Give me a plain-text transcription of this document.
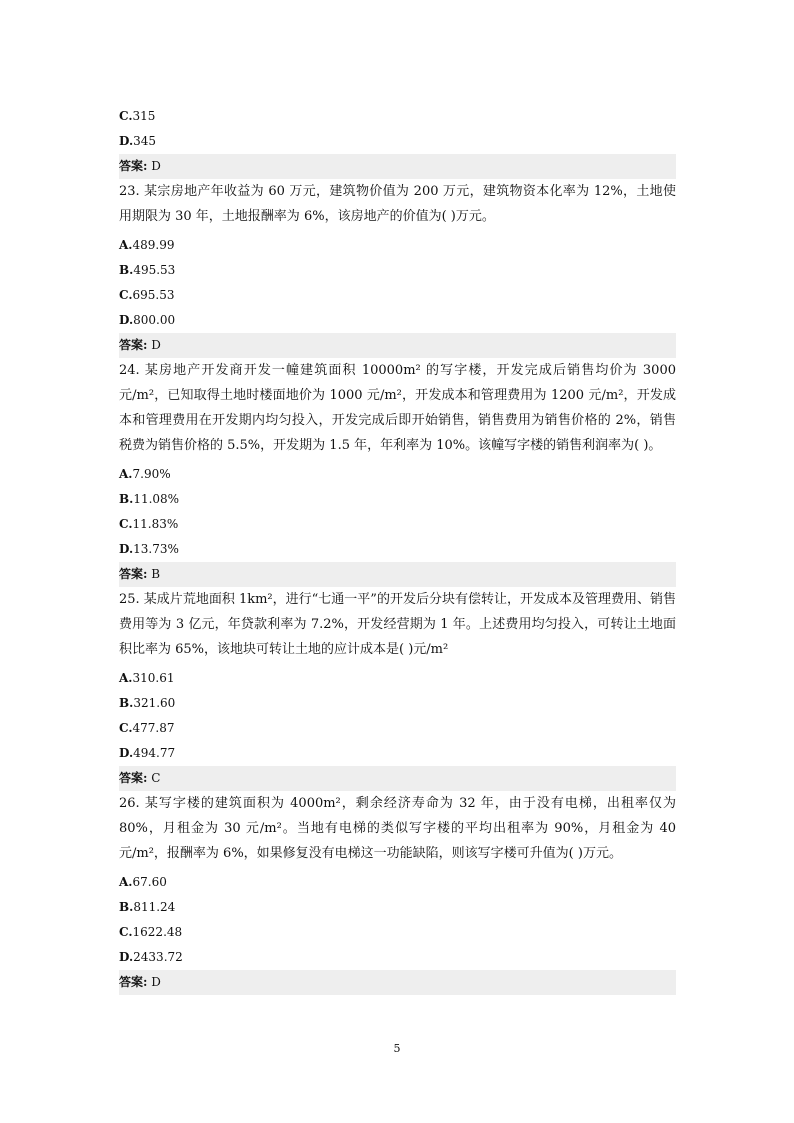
C.315
D.345
答案: D
23. 某宗房地产年收益为 60 万元，建筑物价值为 200 万元，建筑物资本化率为 12%，土地使用期限为 30 年，土地报酬率为 6%，该房地产的价值为( )万元。
A.489.99
B.495.53
C.695.53
D.800.00
答案: D
24. 某房地产开发商开发一幢建筑面积 10000m² 的写字楼，开发完成后销售均价为 3000 元/m²，已知取得土地时楼面地价为 1000 元/m²，开发成本和管理费用为 1200 元/m²，开发成本和管理费用在开发期内均匀投入，开发完成后即开始销售，销售费用为销售价格的 2%，销售税费为销售价格的 5.5%，开发期为 1.5 年，年利率为 10%。该幢写字楼的销售利润率为( )。
A.7.90%
B.11.08%
C.11.83%
D.13.73%
答案: B
25. 某成片荒地面积 1km²，进行“七通一平”的开发后分块有偿转让，开发成本及管理费用、销售费用等为 3 亿元，年贷款利率为 7.2%，开发经营期为 1 年。上述费用均匀投入，可转让土地面积比率为 65%，该地块可转让土地的应计成本是( )元/m²
A.310.61
B.321.60
C.477.87
D.494.77
答案: C
26. 某写字楼的建筑面积为 4000m²，剩余经济寿命为 32 年，由于没有电梯，出租率仅为 80%，月租金为 30 元/m²。当地有电梯的类似写字楼的平均出租率为 90%，月租金为 40 元/m²，报酬率为 6%，如果修复没有电梯这一功能缺陷，则该写字楼可升值为( )万元。
A.67.60
B.811.24
C.1622.48
D.2433.72
答案: D
5
